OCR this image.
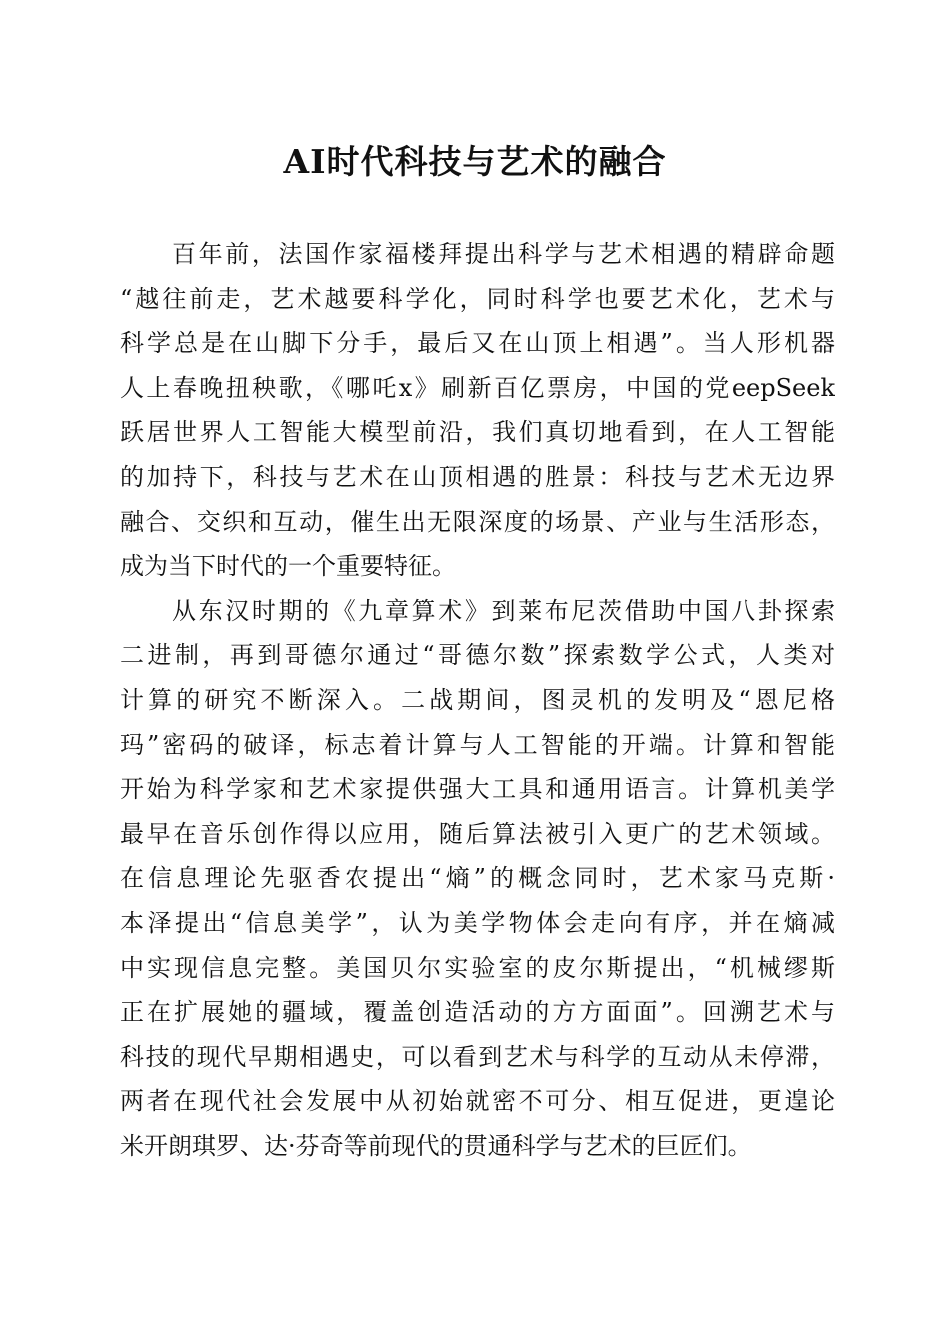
AI时代科技与艺术的融合

百年前，法国作家福楼拜提出科学与艺术相遇的精辟命题
“越往前走，艺术越要科学化，同时科学也要艺术化，艺术与
科学总是在山脚下分手，最后又在山顶上相遇”。当人形机器
人上春晚扭秧歌，《哪吒x》刷新百亿票房，中国的党eepSeek
跃居世界人工智能大模型前沿，我们真切地看到，在人工智能
的加持下，科技与艺术在山顶相遇的胜景：科技与艺术无边界
融合、交织和互动，催生出无限深度的场景、产业与生活形态，
成为当下时代的一个重要特征。

从东汉时期的《九章算术》到莱布尼茨借助中国八卦探索
二进制，再到哥德尔通过“哥德尔数”探索数学公式，人类对
计算的研究不断深入。二战期间，图灵机的发明及“恩尼格
玛”密码的破译，标志着计算与人工智能的开端。计算和智能
开始为科学家和艺术家提供强大工具和通用语言。计算机美学
最早在音乐创作得以应用，随后算法被引入更广的艺术领域。
在信息理论先驱香农提出“熵”的概念同时，艺术家马克斯·
本泽提出“信息美学”，认为美学物体会走向有序，并在熵减
中实现信息完整。美国贝尔实验室的皮尔斯提出，“机械缪斯
正在扩展她的疆域，覆盖创造活动的方方面面”。回溯艺术与
科技的现代早期相遇史，可以看到艺术与科学的互动从未停滞，
两者在现代社会发展中从初始就密不可分、相互促进，更遑论
米开朗琪罗、达·芬奇等前现代的贯通科学与艺术的巨匠们。
